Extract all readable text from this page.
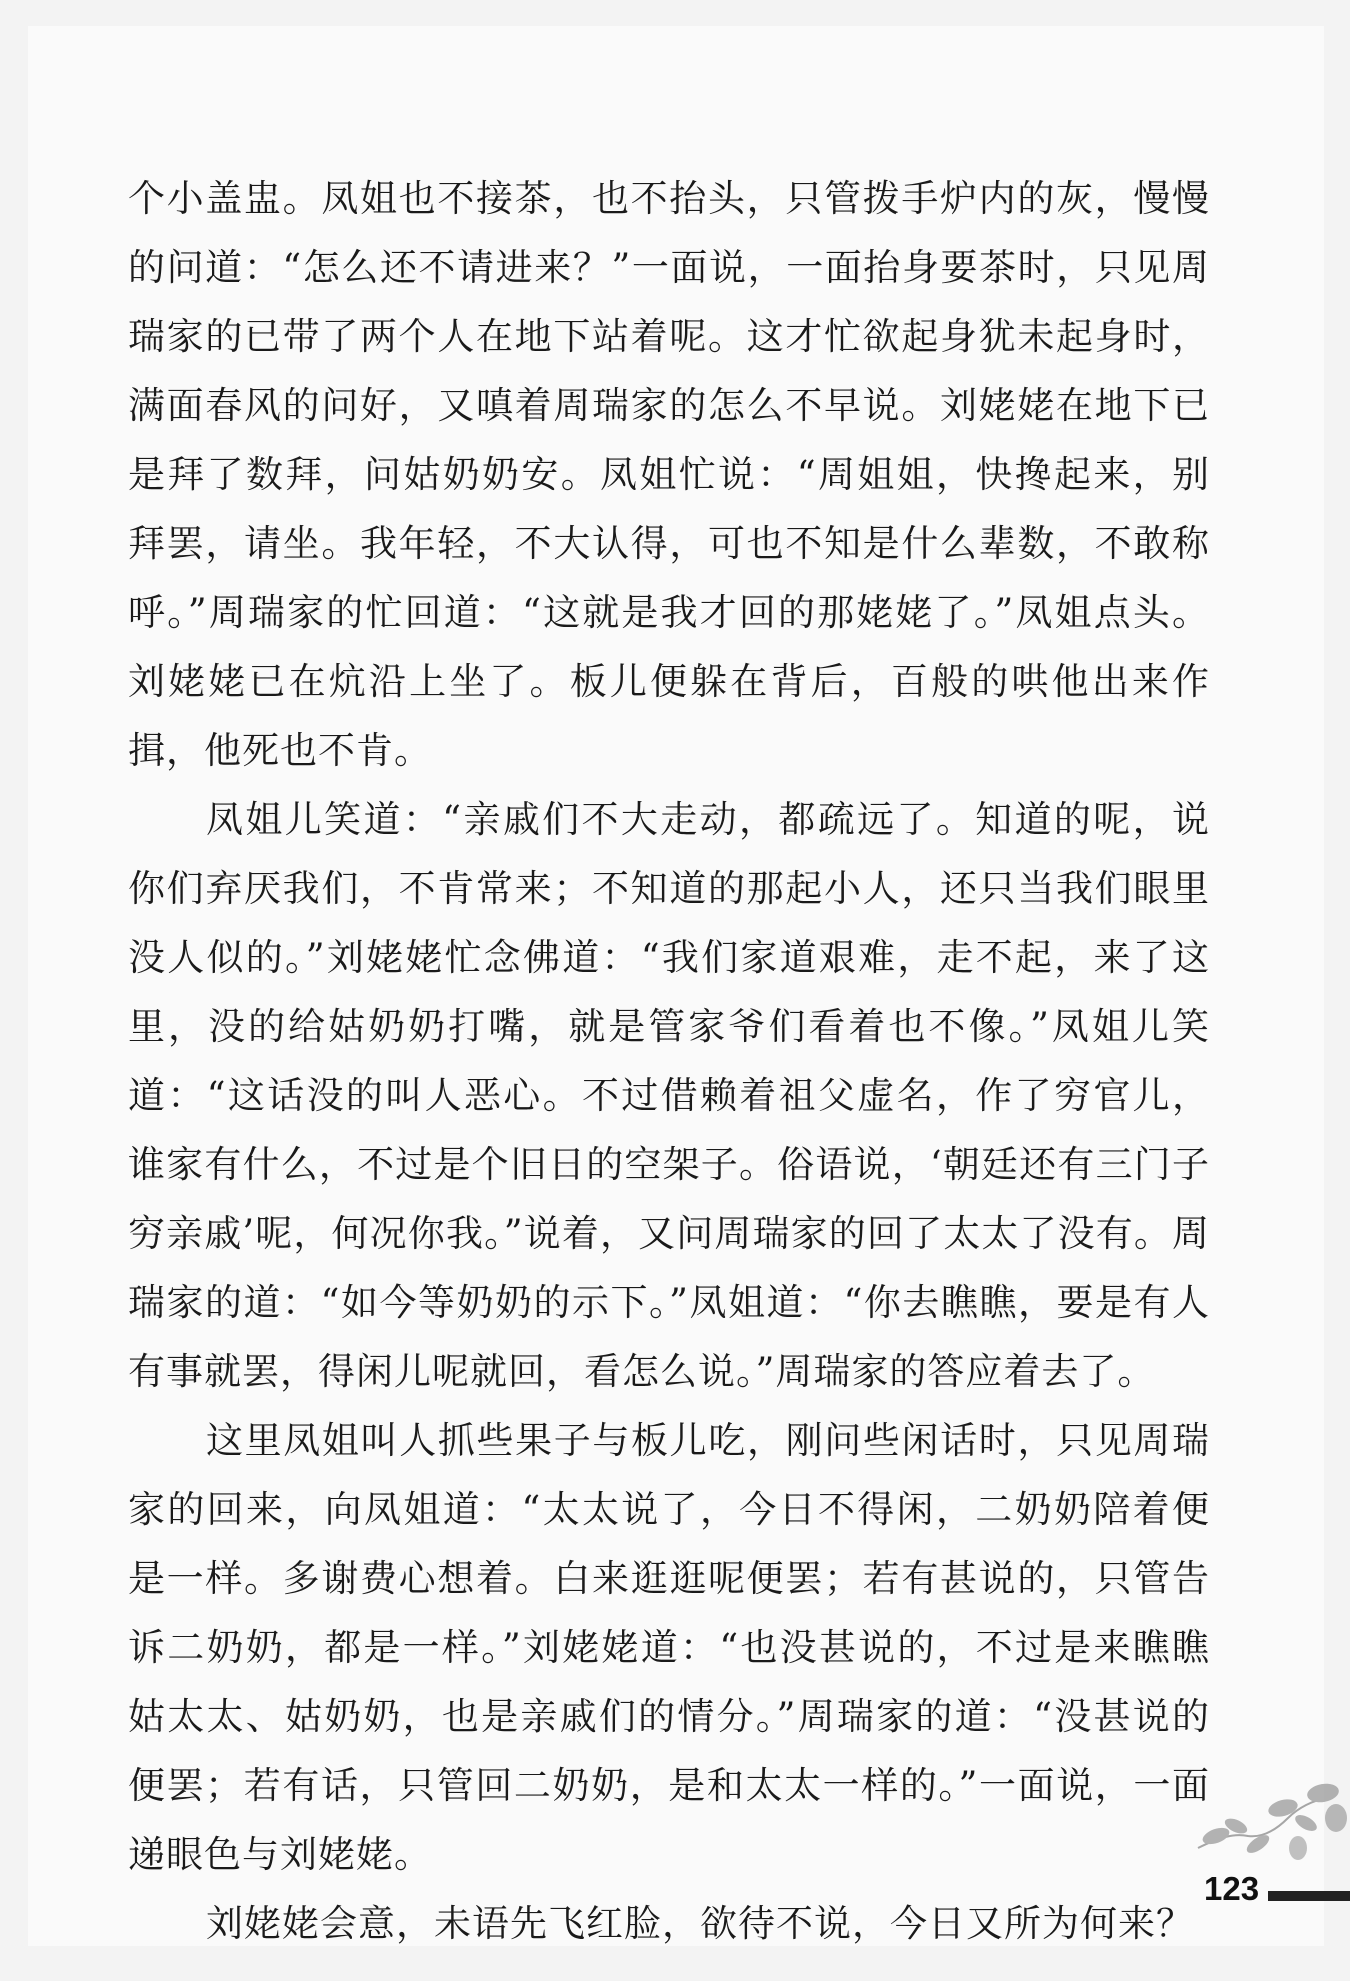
个小盖盅。凤姐也不接茶，也不抬头，只管拨手炉内的灰，慢慢的问道：“怎么还不请进来？”一面说，一面抬身要茶时，只见周瑞家的已带了两个人在地下站着呢。这才忙欲起身犹未起身时，满面春风的问好，又嗔着周瑞家的怎么不早说。刘姥姥在地下已是拜了数拜，问姑奶奶安。凤姐忙说：“周姐姐，快搀起来，别拜罢，请坐。我年轻，不大认得，可也不知是什么辈数，不敢称呼。”周瑞家的忙回道：“这就是我才回的那姥姥了。”凤姐点头。刘姥姥已在炕沿上坐了。板儿便躲在背后，百般的哄他出来作揖，他死也不肯。

凤姐儿笑道：“亲戚们不大走动，都疏远了。知道的呢，说你们弃厌我们，不肯常来；不知道的那起小人，还只当我们眼里没人似的。”刘姥姥忙念佛道：“我们家道艰难，走不起，来了这里，没的给姑奶奶打嘴，就是管家爷们看着也不像。”凤姐儿笑道：“这话没的叫人恶心。不过借赖着祖父虚名，作了穷官儿，谁家有什么，不过是个旧日的空架子。俗语说，‘朝廷还有三门子穷亲戚’呢，何况你我。”说着，又问周瑞家的回了太太了没有。周瑞家的道：“如今等奶奶的示下。”凤姐道：“你去瞧瞧，要是有人有事就罢，得闲儿呢就回，看怎么说。”周瑞家的答应着去了。

这里凤姐叫人抓些果子与板儿吃，刚问些闲话时，只见周瑞家的回来，向凤姐道：“太太说了，今日不得闲，二奶奶陪着便是一样。多谢费心想着。白来逛逛呢便罢；若有甚说的，只管告诉二奶奶，都是一样。”刘姥姥道：“也没甚说的，不过是来瞧瞧姑太太、姑奶奶，也是亲戚们的情分。”周瑞家的道：“没甚说的便罢；若有话，只管回二奶奶，是和太太一样的。”一面说，一面递眼色与刘姥姥。

刘姥姥会意，未语先飞红脸，欲待不说，今日又所为何来？

123
